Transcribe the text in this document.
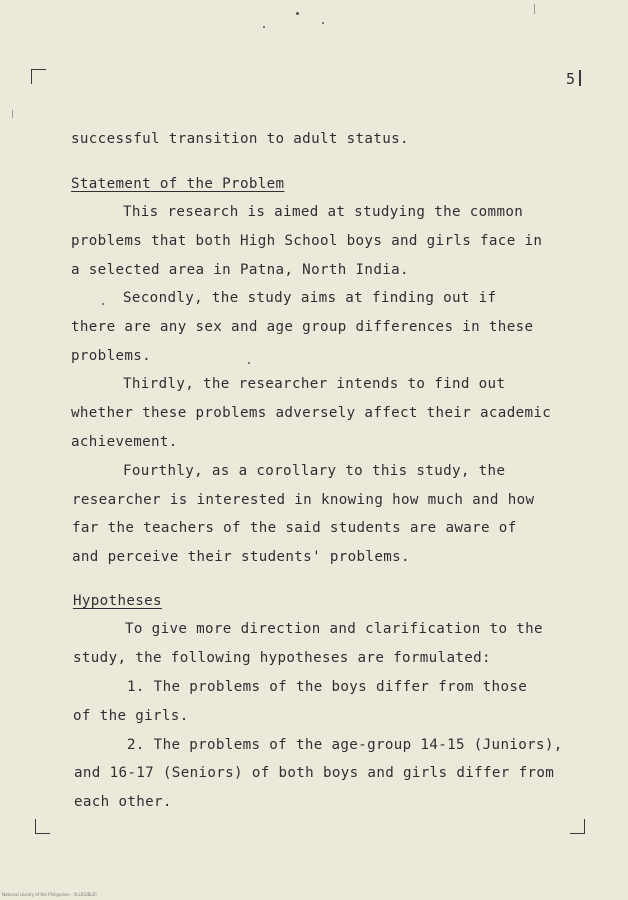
5
successful transition to adult status.
Statement of the Problem
This research is aimed at studying the common
problems that both High School boys and girls face in
a selected area in Patna, North India.
Secondly, the study aims at finding out if
there are any sex and age group differences in these
problems.
Thirdly, the researcher intends to find out
whether these problems adversely affect their academic
achievement.
Fourthly, as a corollary to this study, the
researcher is interested in knowing how much and how
far the teachers of the said students are aware of
and perceive their students' problems.
Hypotheses
To give more direction and clarification to the
study, the following hypotheses are formulated:
1. The problems of the boys differ from those
of the girls.
2. The problems of the age-group 14-15 (Juniors),
and 16-17 (Seniors) of both boys and girls differ from
each other.
National Library of the Philippines · [ILLEGIBLE]
